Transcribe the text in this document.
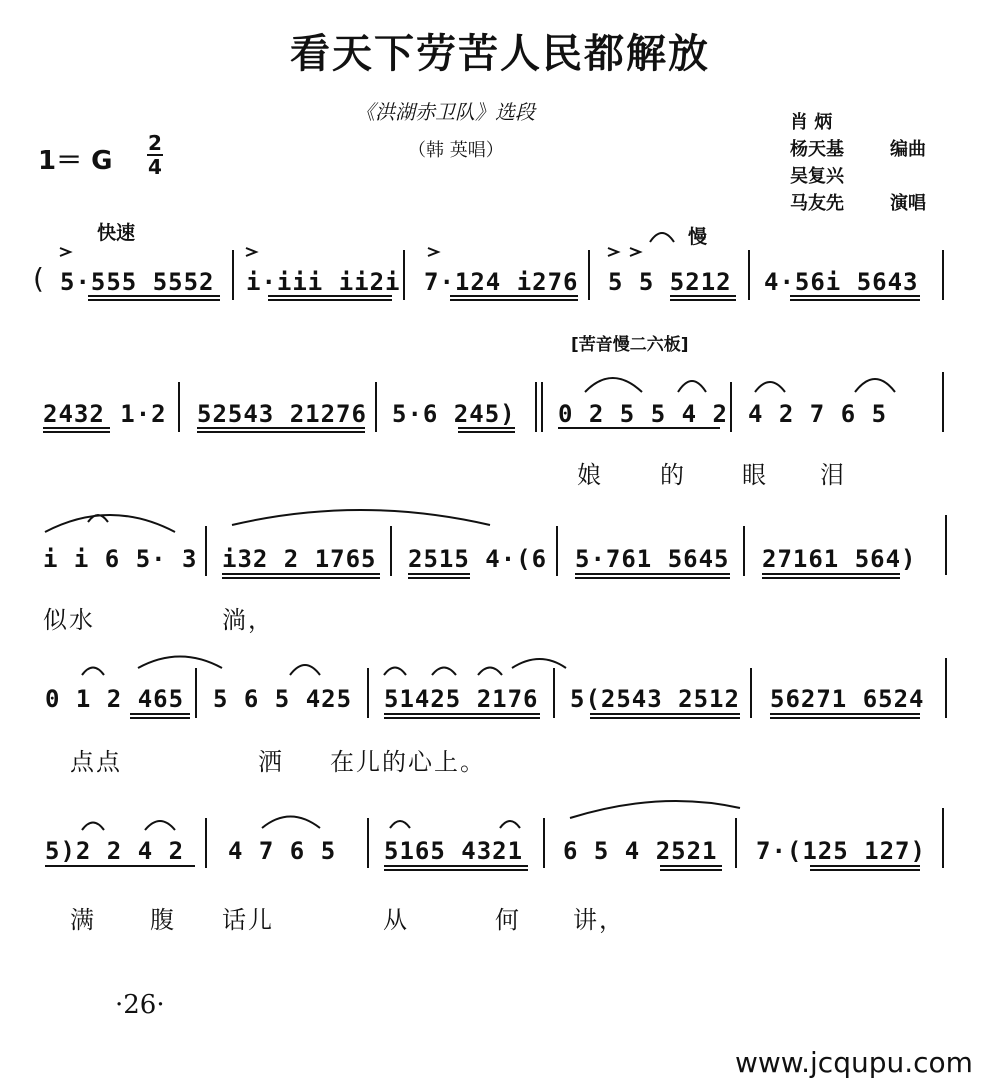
看天下劳苦人民都解放
《洪湖赤卫队》选段
（韩 英唱）
肖 炳
杨天基	编曲
吴复兴
马友先	演唱
1＝ G
2
4
快速	慢
[苦音慢二六板]
( 5·555 5552 i·iii ii2i 7·124 i276 5 5 5212 4·56i 5643
2432 1·2 52543 21276 5·6 245) 0 2 5 5 4 2 4 2 7 6 5
娘 的 眼 泪
i i 6 5· 3 i32 2 1765 2515 4·(6 5·761 5645 27161 564)
似水	淌，
0 1 2 465 5 6 5 425 51425 2176 5(2543 2512 56271 6524
点点	洒 在儿的心上。
5)2 2 4 2 4 7 6 5 5165 4321 6 5 4 2521 7·(125 127)
满 腹 话儿	从	何 讲，
·26·
www.jcqupu.com
